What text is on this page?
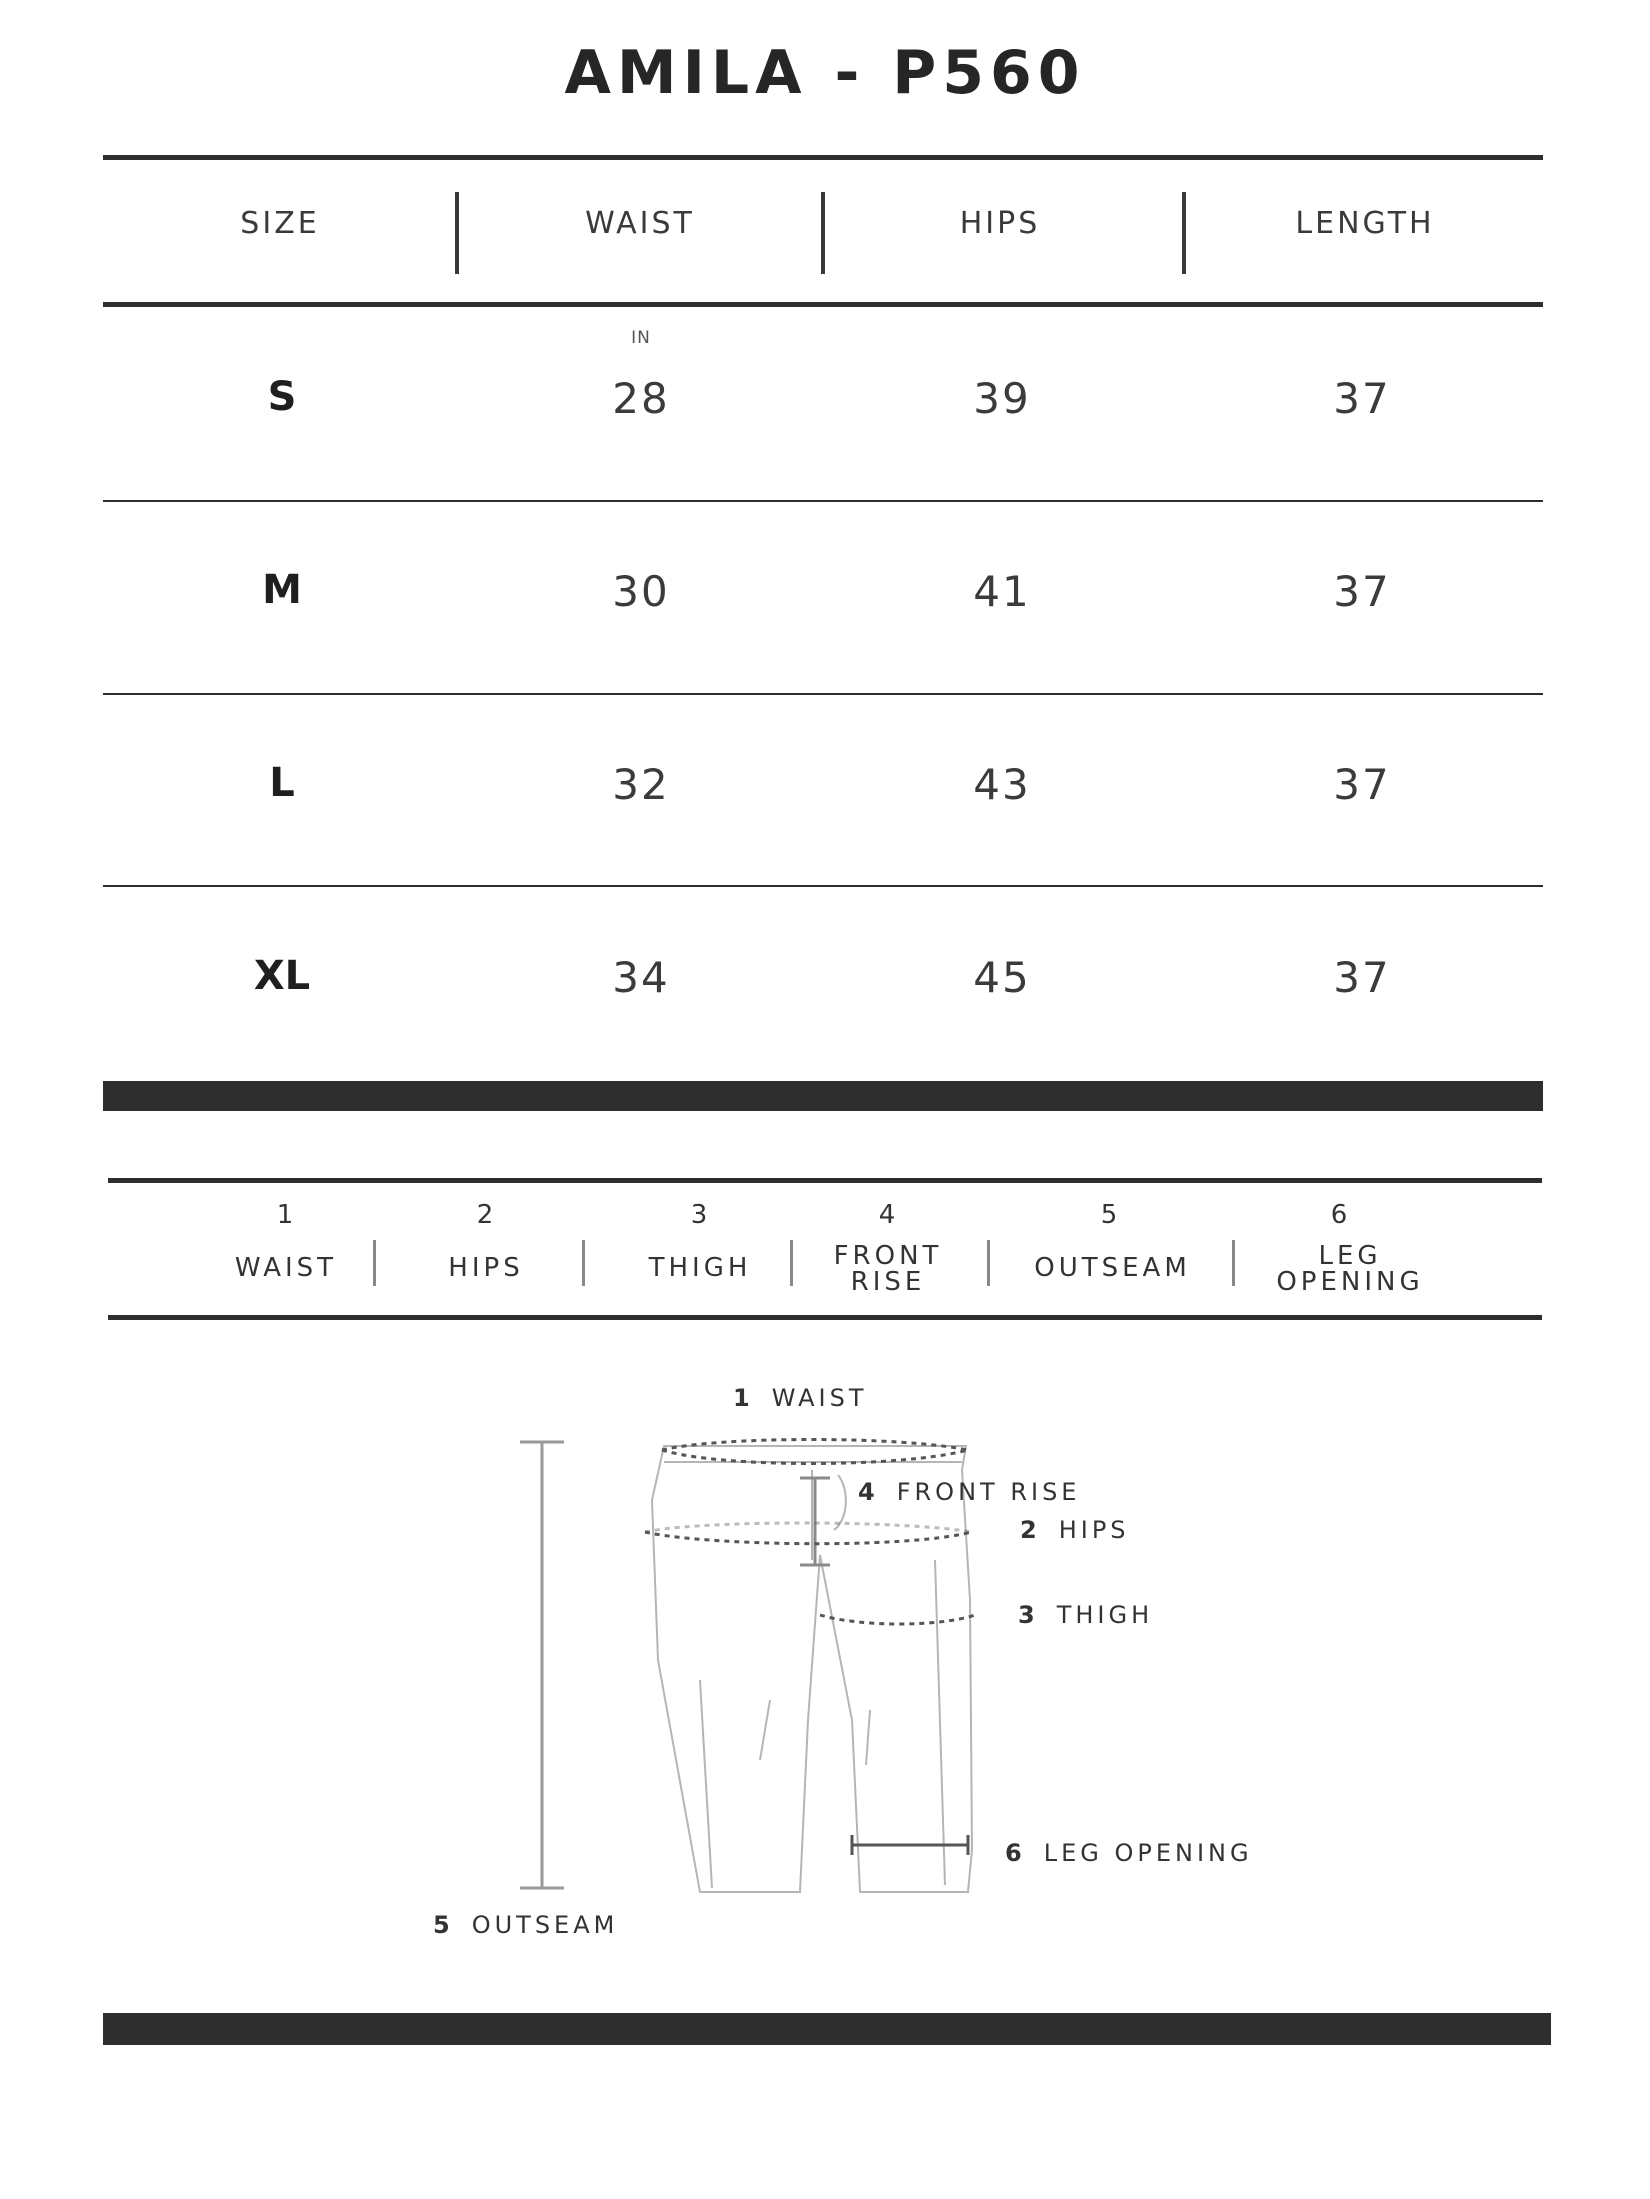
AMILA - P560
SIZE	WAIST	HIPS	LENGTH
IN
S	28	39	37
M	30	41	37
L	32	43	37
XL	34	45	37
1
WAIST
2
HIPS
3
THIGH
4
FRONT
RISE
5
OUTSEAM
6
LEG
OPENING
1 WAIST
4 FRONT RISE
2 HIPS
3 THIGH
6 LEG OPENING
5 OUTSEAM
